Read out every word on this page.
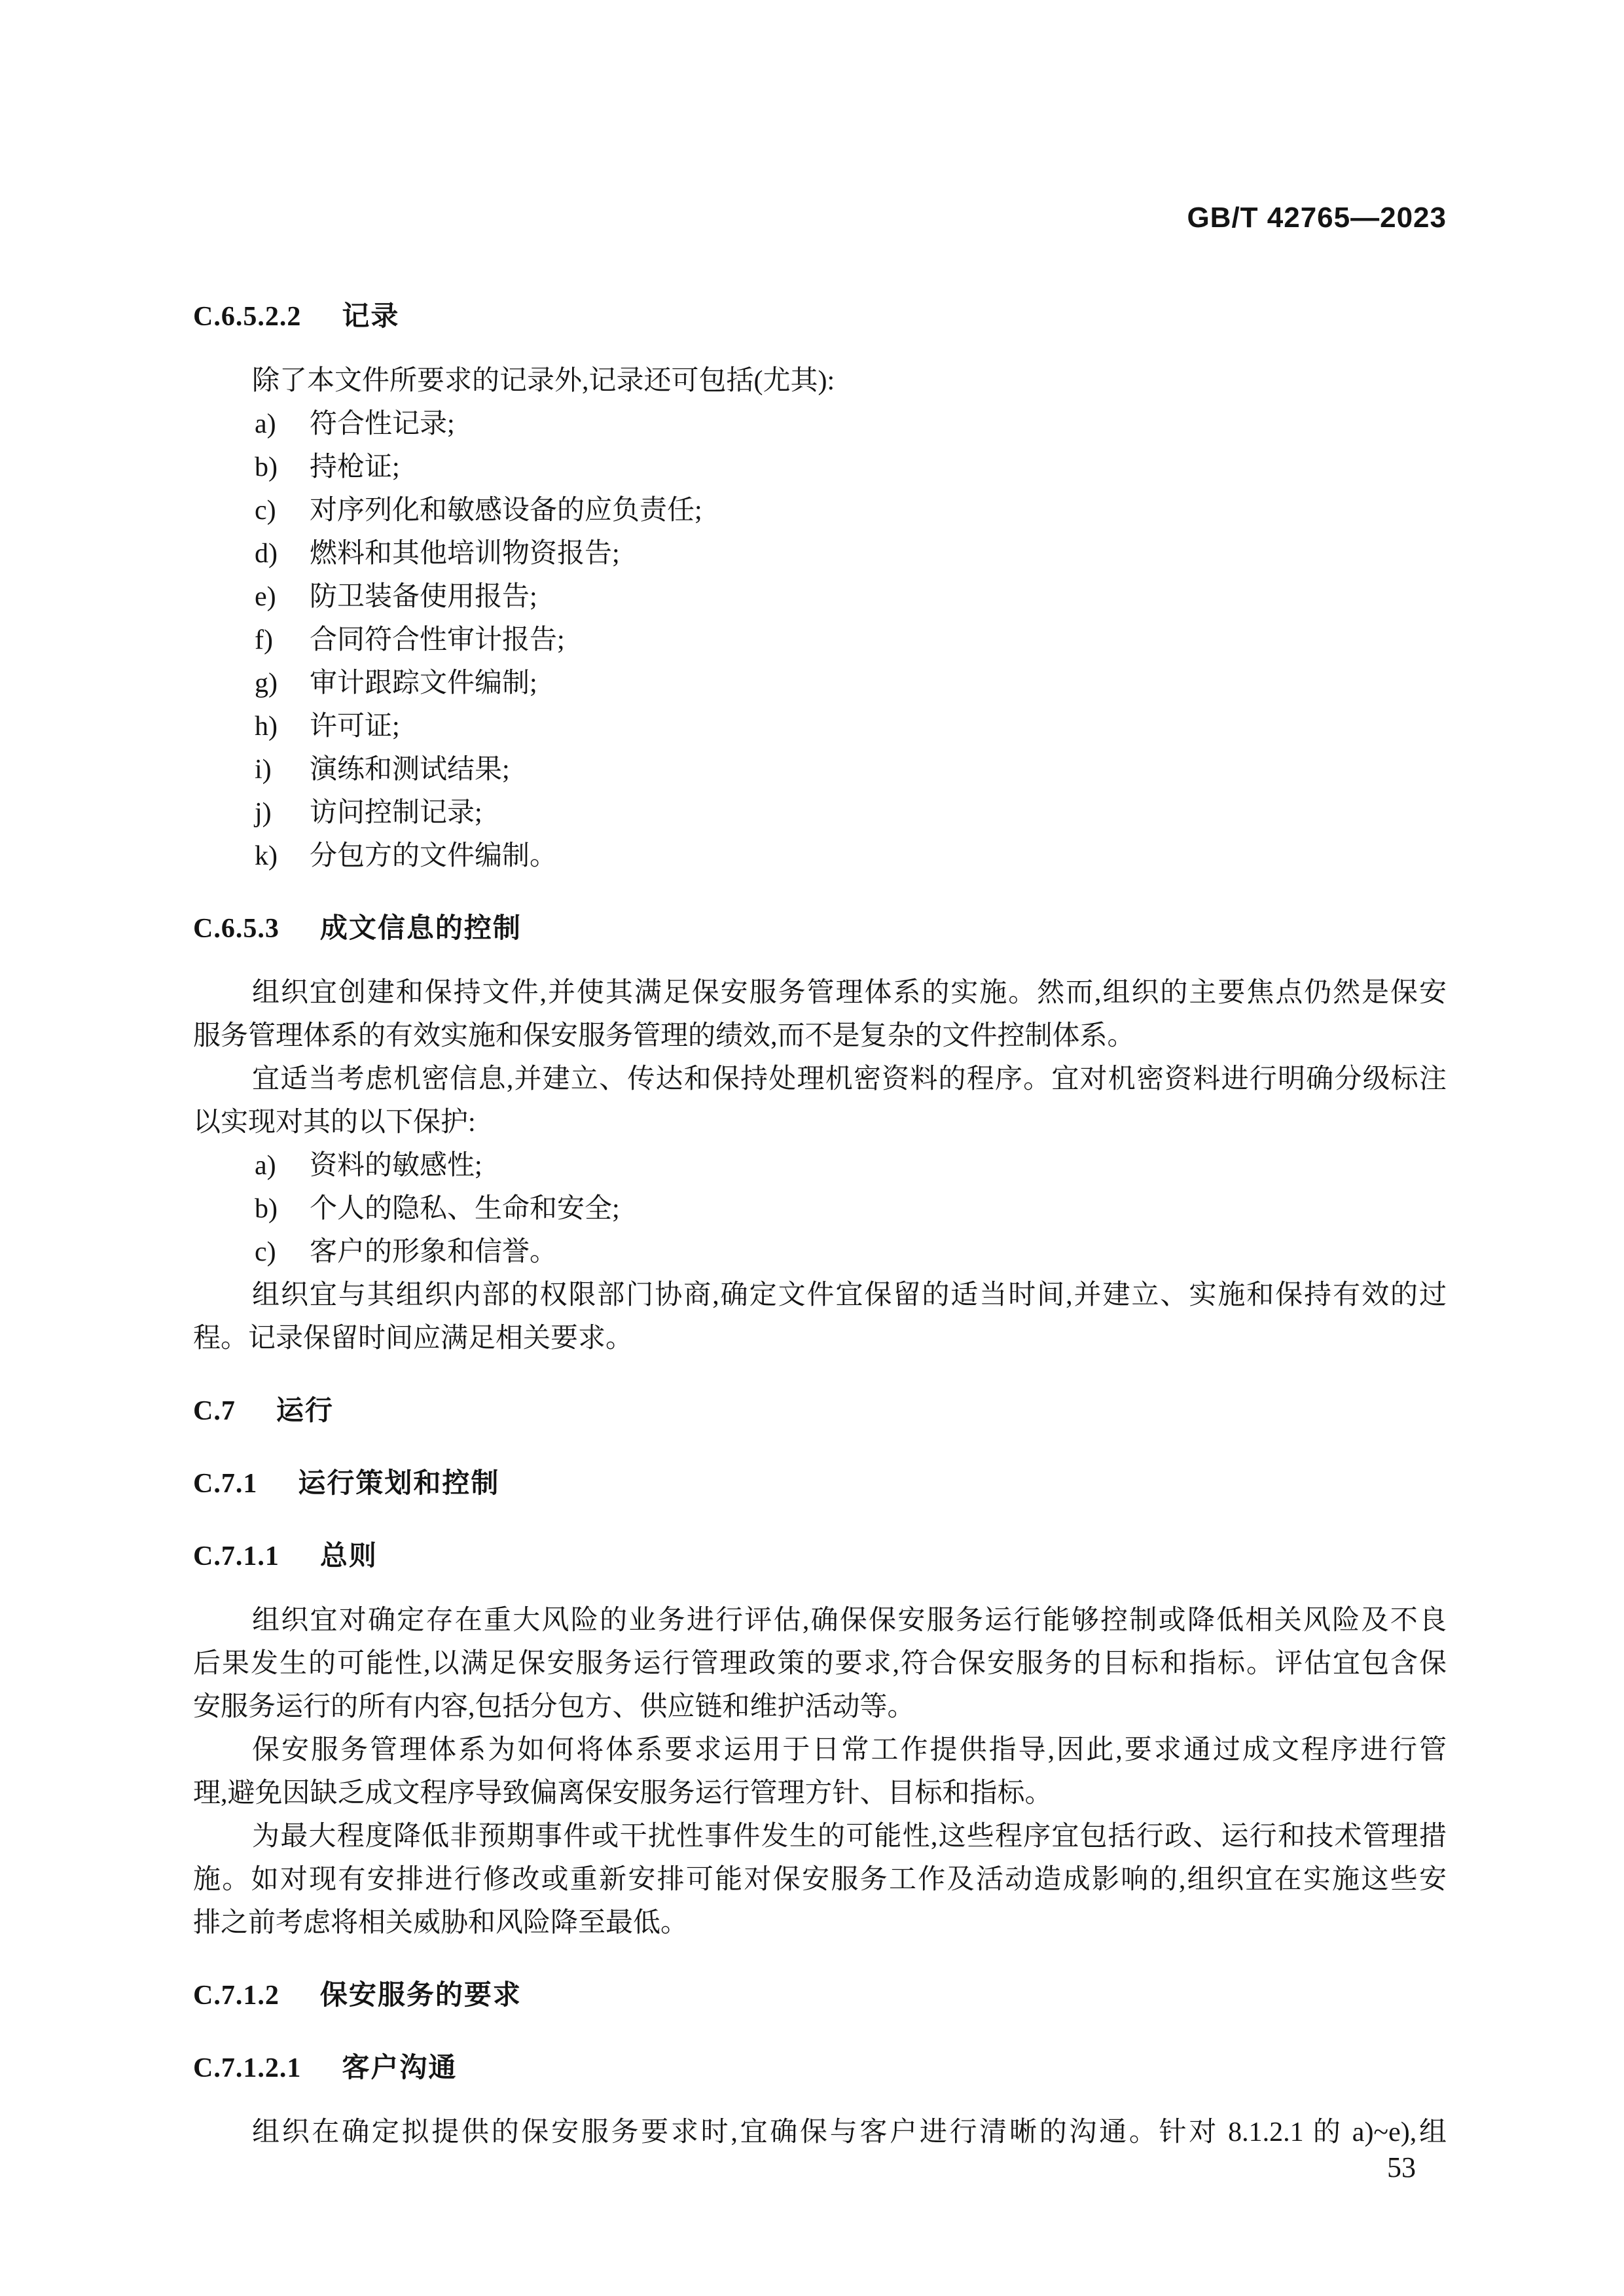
GB/T 42765—2023
C.6.5.2.2 记录
除了本文件所要求的记录外,记录还可包括(尤其):
a) 符合性记录;
b) 持枪证;
c) 对序列化和敏感设备的应负责任;
d) 燃料和其他培训物资报告;
e) 防卫装备使用报告;
f) 合同符合性审计报告;
g) 审计跟踪文件编制;
h) 许可证;
i) 演练和测试结果;
j) 访问控制记录;
k) 分包方的文件编制。
C.6.5.3 成文信息的控制
组织宜创建和保持文件,并使其满足保安服务管理体系的实施。然而,组织的主要焦点仍然是保安
服务管理体系的有效实施和保安服务管理的绩效,而不是复杂的文件控制体系。
宜适当考虑机密信息,并建立、传达和保持处理机密资料的程序。宜对机密资料进行明确分级标注
以实现对其的以下保护:
a) 资料的敏感性;
b) 个人的隐私、生命和安全;
c) 客户的形象和信誉。
组织宜与其组织内部的权限部门协商,确定文件宜保留的适当时间,并建立、实施和保持有效的过
程。记录保留时间应满足相关要求。
C.7 运行
C.7.1 运行策划和控制
C.7.1.1 总则
组织宜对确定存在重大风险的业务进行评估,确保保安服务运行能够控制或降低相关风险及不良
后果发生的可能性,以满足保安服务运行管理政策的要求,符合保安服务的目标和指标。评估宜包含保
安服务运行的所有内容,包括分包方、供应链和维护活动等。
保安服务管理体系为如何将体系要求运用于日常工作提供指导,因此,要求通过成文程序进行管
理,避免因缺乏成文程序导致偏离保安服务运行管理方针、目标和指标。
为最大程度降低非预期事件或干扰性事件发生的可能性,这些程序宜包括行政、运行和技术管理措
施。如对现有安排进行修改或重新安排可能对保安服务工作及活动造成影响的,组织宜在实施这些安
排之前考虑将相关威胁和风险降至最低。
C.7.1.2 保安服务的要求
C.7.1.2.1 客户沟通
组织在确定拟提供的保安服务要求时,宜确保与客户进行清晰的沟通。针对 8.1.2.1 的 a)~e),组
53
